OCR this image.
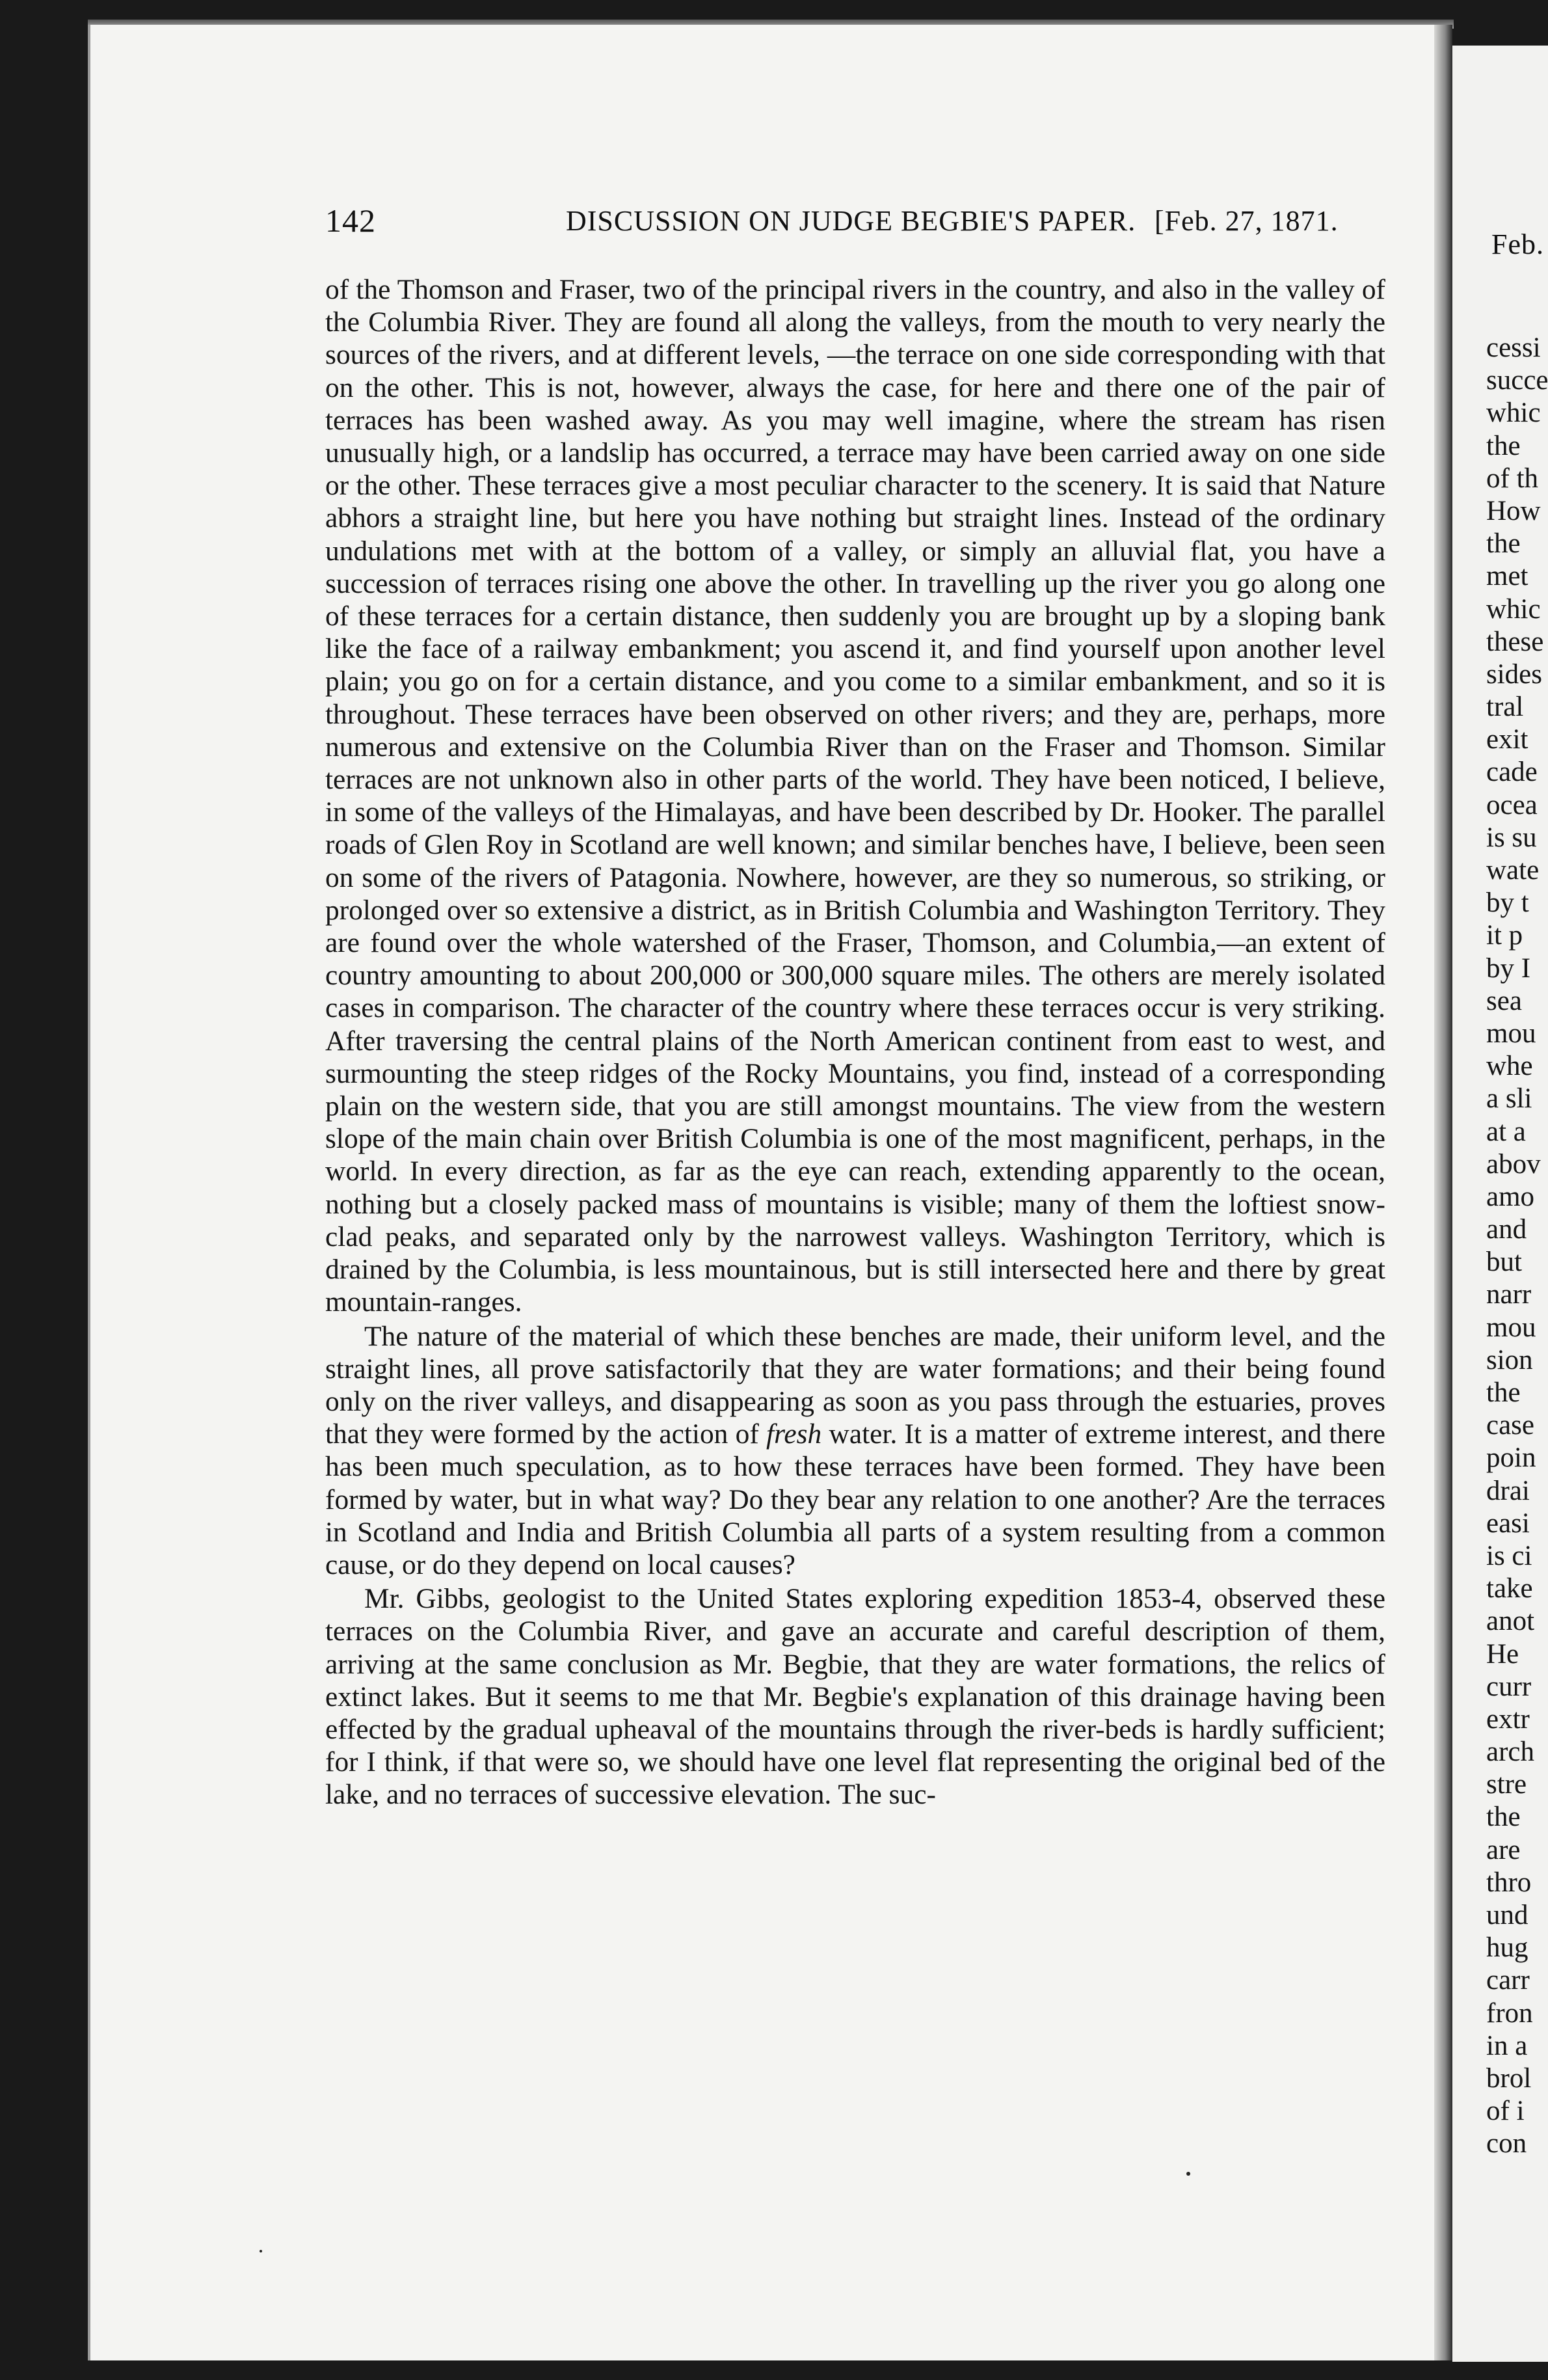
142	DISCUSSION ON JUDGE BEGBIE'S PAPER. [Feb. 27, 1871.

of the Thomson and Fraser, two of the principal rivers in the country, and also in the valley of the Columbia River. They are found all along the valleys, from the mouth to very nearly the sources of the rivers, and at different levels, —the terrace on one side corresponding with that on the other. This is not, however, always the case, for here and there one of the pair of terraces has been washed away. As you may well imagine, where the stream has risen unusually high, or a landslip has occurred, a terrace may have been carried away on one side or the other. These terraces give a most peculiar character to the scenery. It is said that Nature abhors a straight line, but here you have nothing but straight lines. Instead of the ordinary undulations met with at the bottom of a valley, or simply an alluvial flat, you have a succession of terraces rising one above the other. In travelling up the river you go along one of these terraces for a certain distance, then suddenly you are brought up by a sloping bank like the face of a railway embankment; you ascend it, and find yourself upon another level plain; you go on for a certain distance, and you come to a similar embankment, and so it is throughout. These terraces have been observed on other rivers; and they are, perhaps, more numerous and extensive on the Columbia River than on the Fraser and Thomson. Similar terraces are not unknown also in other parts of the world. They have been noticed, I believe, in some of the valleys of the Himalayas, and have been described by Dr. Hooker. The parallel roads of Glen Roy in Scotland are well known; and similar benches have, I believe, been seen on some of the rivers of Patagonia. Nowhere, however, are they so numerous, so striking, or prolonged over so extensive a district, as in British Columbia and Washington Territory. They are found over the whole watershed of the Fraser, Thomson, and Columbia,—an extent of country amounting to about 200,000 or 300,000 square miles. The others are merely isolated cases in comparison. The character of the country where these terraces occur is very striking. After traversing the central plains of the North American continent from east to west, and surmounting the steep ridges of the Rocky Mountains, you find, instead of a corresponding plain on the western side, that you are still amongst mountains. The view from the western slope of the main chain over British Columbia is one of the most magnificent, perhaps, in the world. In every direction, as far as the eye can reach, extending apparently to the ocean, nothing but a closely packed mass of mountains is visible; many of them the loftiest snow-clad peaks, and separated only by the narrowest valleys. Washington Territory, which is drained by the Columbia, is less mountainous, but is still intersected here and there by great mountain-ranges.

The nature of the material of which these benches are made, their uniform level, and the straight lines, all prove satisfactorily that they are water formations; and their being found only on the river valleys, and disappearing as soon as you pass through the estuaries, proves that they were formed by the action of fresh water. It is a matter of extreme interest, and there has been much speculation, as to how these terraces have been formed. They have been formed by water, but in what way? Do they bear any relation to one another? Are the terraces in Scotland and India and British Columbia all parts of a system resulting from a common cause, or do they depend on local causes?

Mr. Gibbs, geologist to the United States exploring expedition 1853-4, observed these terraces on the Columbia River, and gave an accurate and careful description of them, arriving at the same conclusion as Mr. Begbie, that they are water formations, the relics of extinct lakes. But it seems to me that Mr. Begbie's explanation of this drainage having been effected by the gradual upheaval of the mountains through the river-beds is hardly sufficient; for I think, if that were so, we should have one level flat representing the original bed of the lake, and no terraces of successive elevation. The suc-

Feb.
cessi
succe
whic
the
of th
How
the
met
whic
these
sides
tral
exit
cade
ocea
is su
wate
by t
it p
by I
sea
mou
whe
a sli
at a
abov
amo
and
but
narr
mou
sion
the
case
poin
drai
easi
is ci
take
anot
He
curr
extr
arch
stre
the
are
thro
und
hug
carr
fron
in a
brol
of i
con
